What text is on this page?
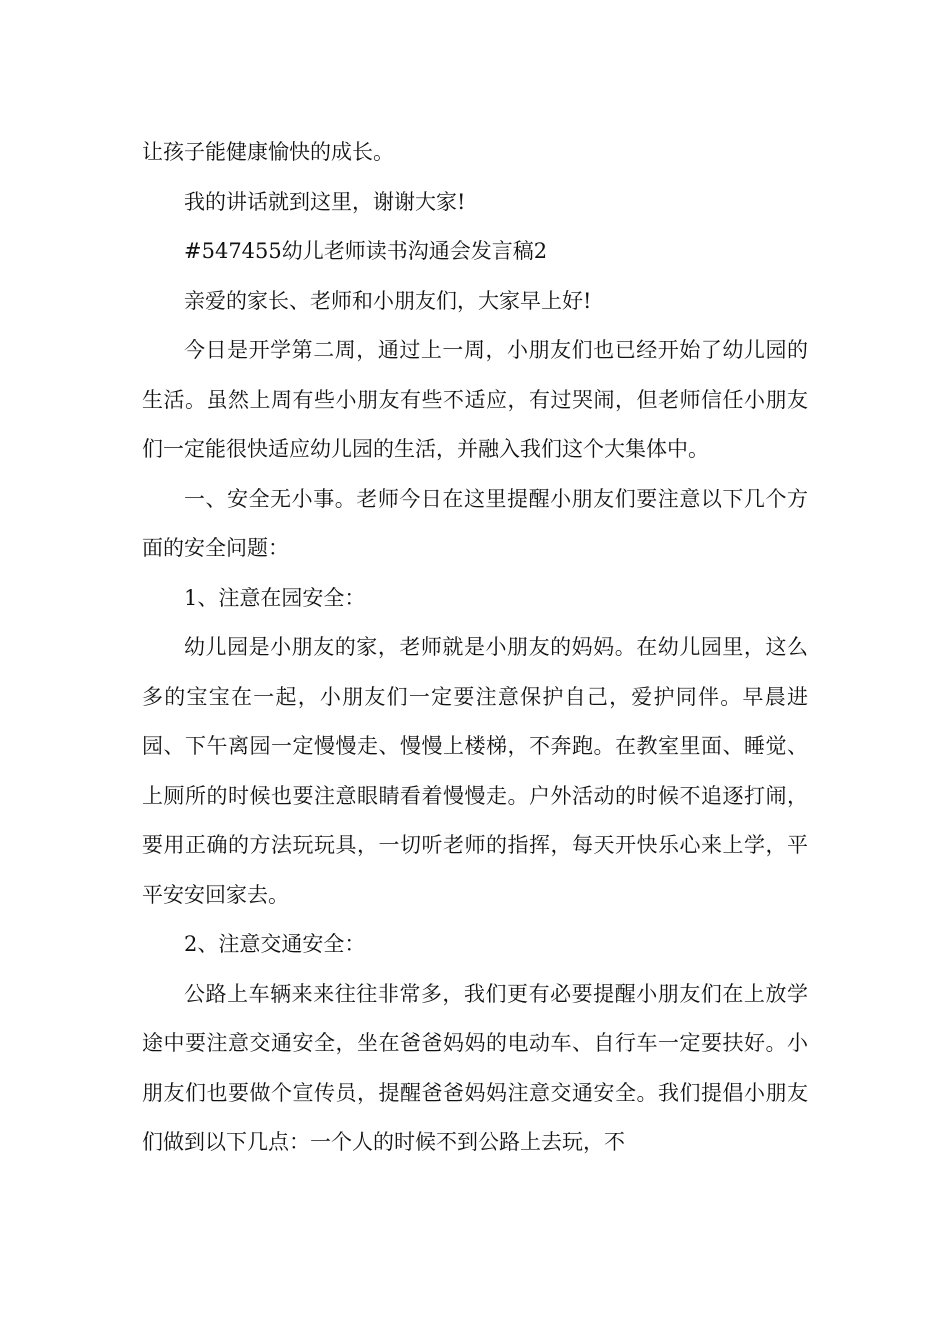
让孩子能健康愉快的成长。

我的讲话就到这里，谢谢大家!

#547455幼儿老师读书沟通会发言稿2

亲爱的家长、老师和小朋友们，大家早上好!

今日是开学第二周，通过上一周，小朋友们也已经开始了幼儿园的生活。虽然上周有些小朋友有些不适应，有过哭闹，但老师信任小朋友们一定能很快适应幼儿园的生活，并融入我们这个大集体中。

一、安全无小事。老师今日在这里提醒小朋友们要注意以下几个方面的安全问题：

1、注意在园安全：

幼儿园是小朋友的家，老师就是小朋友的妈妈。在幼儿园里，这么多的宝宝在一起，小朋友们一定要注意保护自己，爱护同伴。早晨进园、下午离园一定慢慢走、慢慢上楼梯，不奔跑。在教室里面、睡觉、上厕所的时候也要注意眼睛看着慢慢走。户外活动的时候不追逐打闹，要用正确的方法玩玩具，一切听老师的指挥，每天开快乐心来上学，平平安安回家去。

2、注意交通安全：

公路上车辆来来往往非常多，我们更有必要提醒小朋友们在上放学途中要注意交通安全，坐在爸爸妈妈的电动车、自行车一定要扶好。小朋友们也要做个宣传员，提醒爸爸妈妈注意交通安全。我们提倡小朋友们做到以下几点：一个人的时候不到公路上去玩，不
